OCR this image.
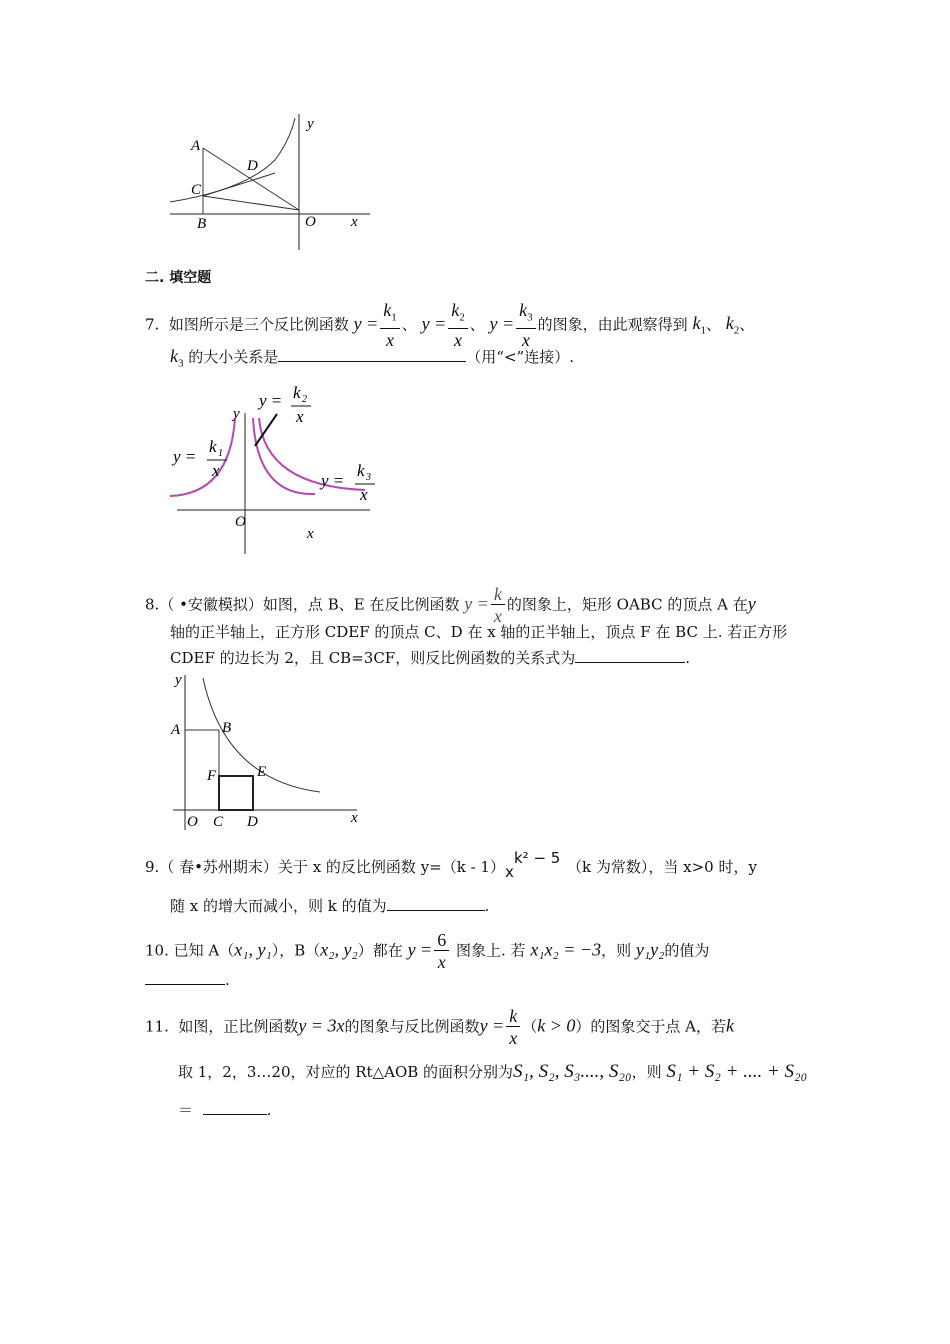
A
C
B
D
O x
y
二. 填空题
7. 如图所示是三个反比例函数 $y = \frac{k_1}{x}$ 、 $y = \frac{k_2}{x}$ 、 $y = \frac{k_3}{x}$ 的图象，由此观察得到 $k_1$、 $k_2$、
$k_3$ 的大小关系是	（用“<”连接）.
y
O
x
y = k 2
x
y =
k 1
x
y =
k 3
x
8.（ •安徽模拟）如图，点 B、E 在反比例函数 $y = \frac{k}{x}$ 的图象上，矩形 OABC 的顶点 A 在y
轴的正半轴上，正方形 CDEF 的顶点 C、D 在 x 轴的正半轴上，顶点 F 在 BC 上. 若正方形
CDEF 的边长为 2，且 CB=3CF，则反比例函数的关系式为	.
y
A	B
F	E
O C D	x
9.（ 春•苏州期末）关于 x 的反比例函数 y=（k - 1） x
k² − 5 （k 为常数），当 x>0 时，y
随 x 的增大而减小，则 k 的值为	.
10. 已知 A（x₁, y₁），B（x₂, y₂）都在 $y = \frac{6}{x}$ 图象上. 若 x₁x₂ = −3，则 y₁y₂的值为
.
11. 如图，正比例函数y = 3x的图象与反比例函数$y = \frac{k}{x} (k > 0)$的图象交于点 A，若k
取 1，2，3…20，对应的 Rt△AOB 的面积分别为S₁, S₂, S₃...., S₂₀，则 S₁ + S₂ + .... + S₂₀
＝	.
